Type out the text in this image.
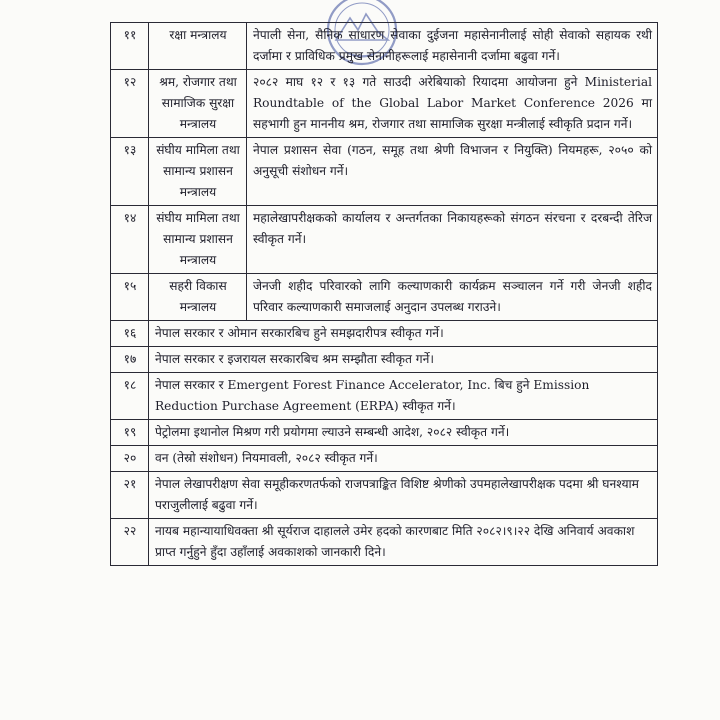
११	रक्षा मन्त्रालय	नेपाली सेना, सैनिक साधारण सेवाका दुईजना महासेनानीलाई सोही सेवाको सहायक रथी दर्जामा र प्राविधिक प्रमुख सेनानीहरूलाई महासेनानी दर्जामा बढुवा गर्ने।
१२	श्रम, रोजगार तथा सामाजिक सुरक्षा मन्त्रालय	२०८२ माघ १२ र १३ गते साउदी अरेबियाको रियादमा आयोजना हुने Ministerial Roundtable of the Global Labor Market Conference 2026 मा सहभागी हुन माननीय श्रम, रोजगार तथा सामाजिक सुरक्षा मन्त्रीलाई स्वीकृति प्रदान गर्ने।
१३	संघीय मामिला तथा सामान्य प्रशासन मन्त्रालय	नेपाल प्रशासन सेवा (गठन, समूह तथा श्रेणी विभाजन र नियुक्ति) नियमहरू, २०५० को अनुसूची संशोधन गर्ने।
१४	संघीय मामिला तथा सामान्य प्रशासन मन्त्रालय	महालेखापरीक्षकको कार्यालय र अन्तर्गतका निकायहरूको संगठन संरचना र दरबन्दी तेरिज स्वीकृत गर्ने।
१५	सहरी विकास मन्त्रालय	जेनजी शहीद परिवारको लागि कल्याणकारी कार्यक्रम सञ्चालन गर्ने गरी जेनजी शहीद परिवार कल्याणकारी समाजलाई अनुदान उपलब्ध गराउने।
१६	नेपाल सरकार र ओमान सरकारबिच हुने समझदारीपत्र स्वीकृत गर्ने।	
१७	नेपाल सरकार र इजरायल सरकारबिच श्रम सम्झौता स्वीकृत गर्ने।	
१८	नेपाल सरकार र Emergent Forest Finance Accelerator, Inc. बिच हुने Emission Reduction Purchase Agreement (ERPA) स्वीकृत गर्ने।	
१९	पेट्रोलमा इथानोल मिश्रण गरी प्रयोगमा ल्याउने सम्बन्धी आदेश, २०८२ स्वीकृत गर्ने।	
२०	वन (तेस्रो संशोधन) नियमावली, २०८२ स्वीकृत गर्ने।	
२१	नेपाल लेखापरीक्षण सेवा समूहीकरणतर्फको राजपत्राङ्कित विशिष्ट श्रेणीको उपमहालेखापरीक्षक पदमा श्री घनश्याम पराजुलीलाई बढुवा गर्ने।	
२२	नायब महान्यायाधिवक्ता श्री सूर्यराज दाहालले उमेर हदको कारणबाट मिति २०८२।९।२२ देखि अनिवार्य अवकाश प्राप्त गर्नुहुने हुँदा उहाँलाई अवकाशको जानकारी दिने।	
